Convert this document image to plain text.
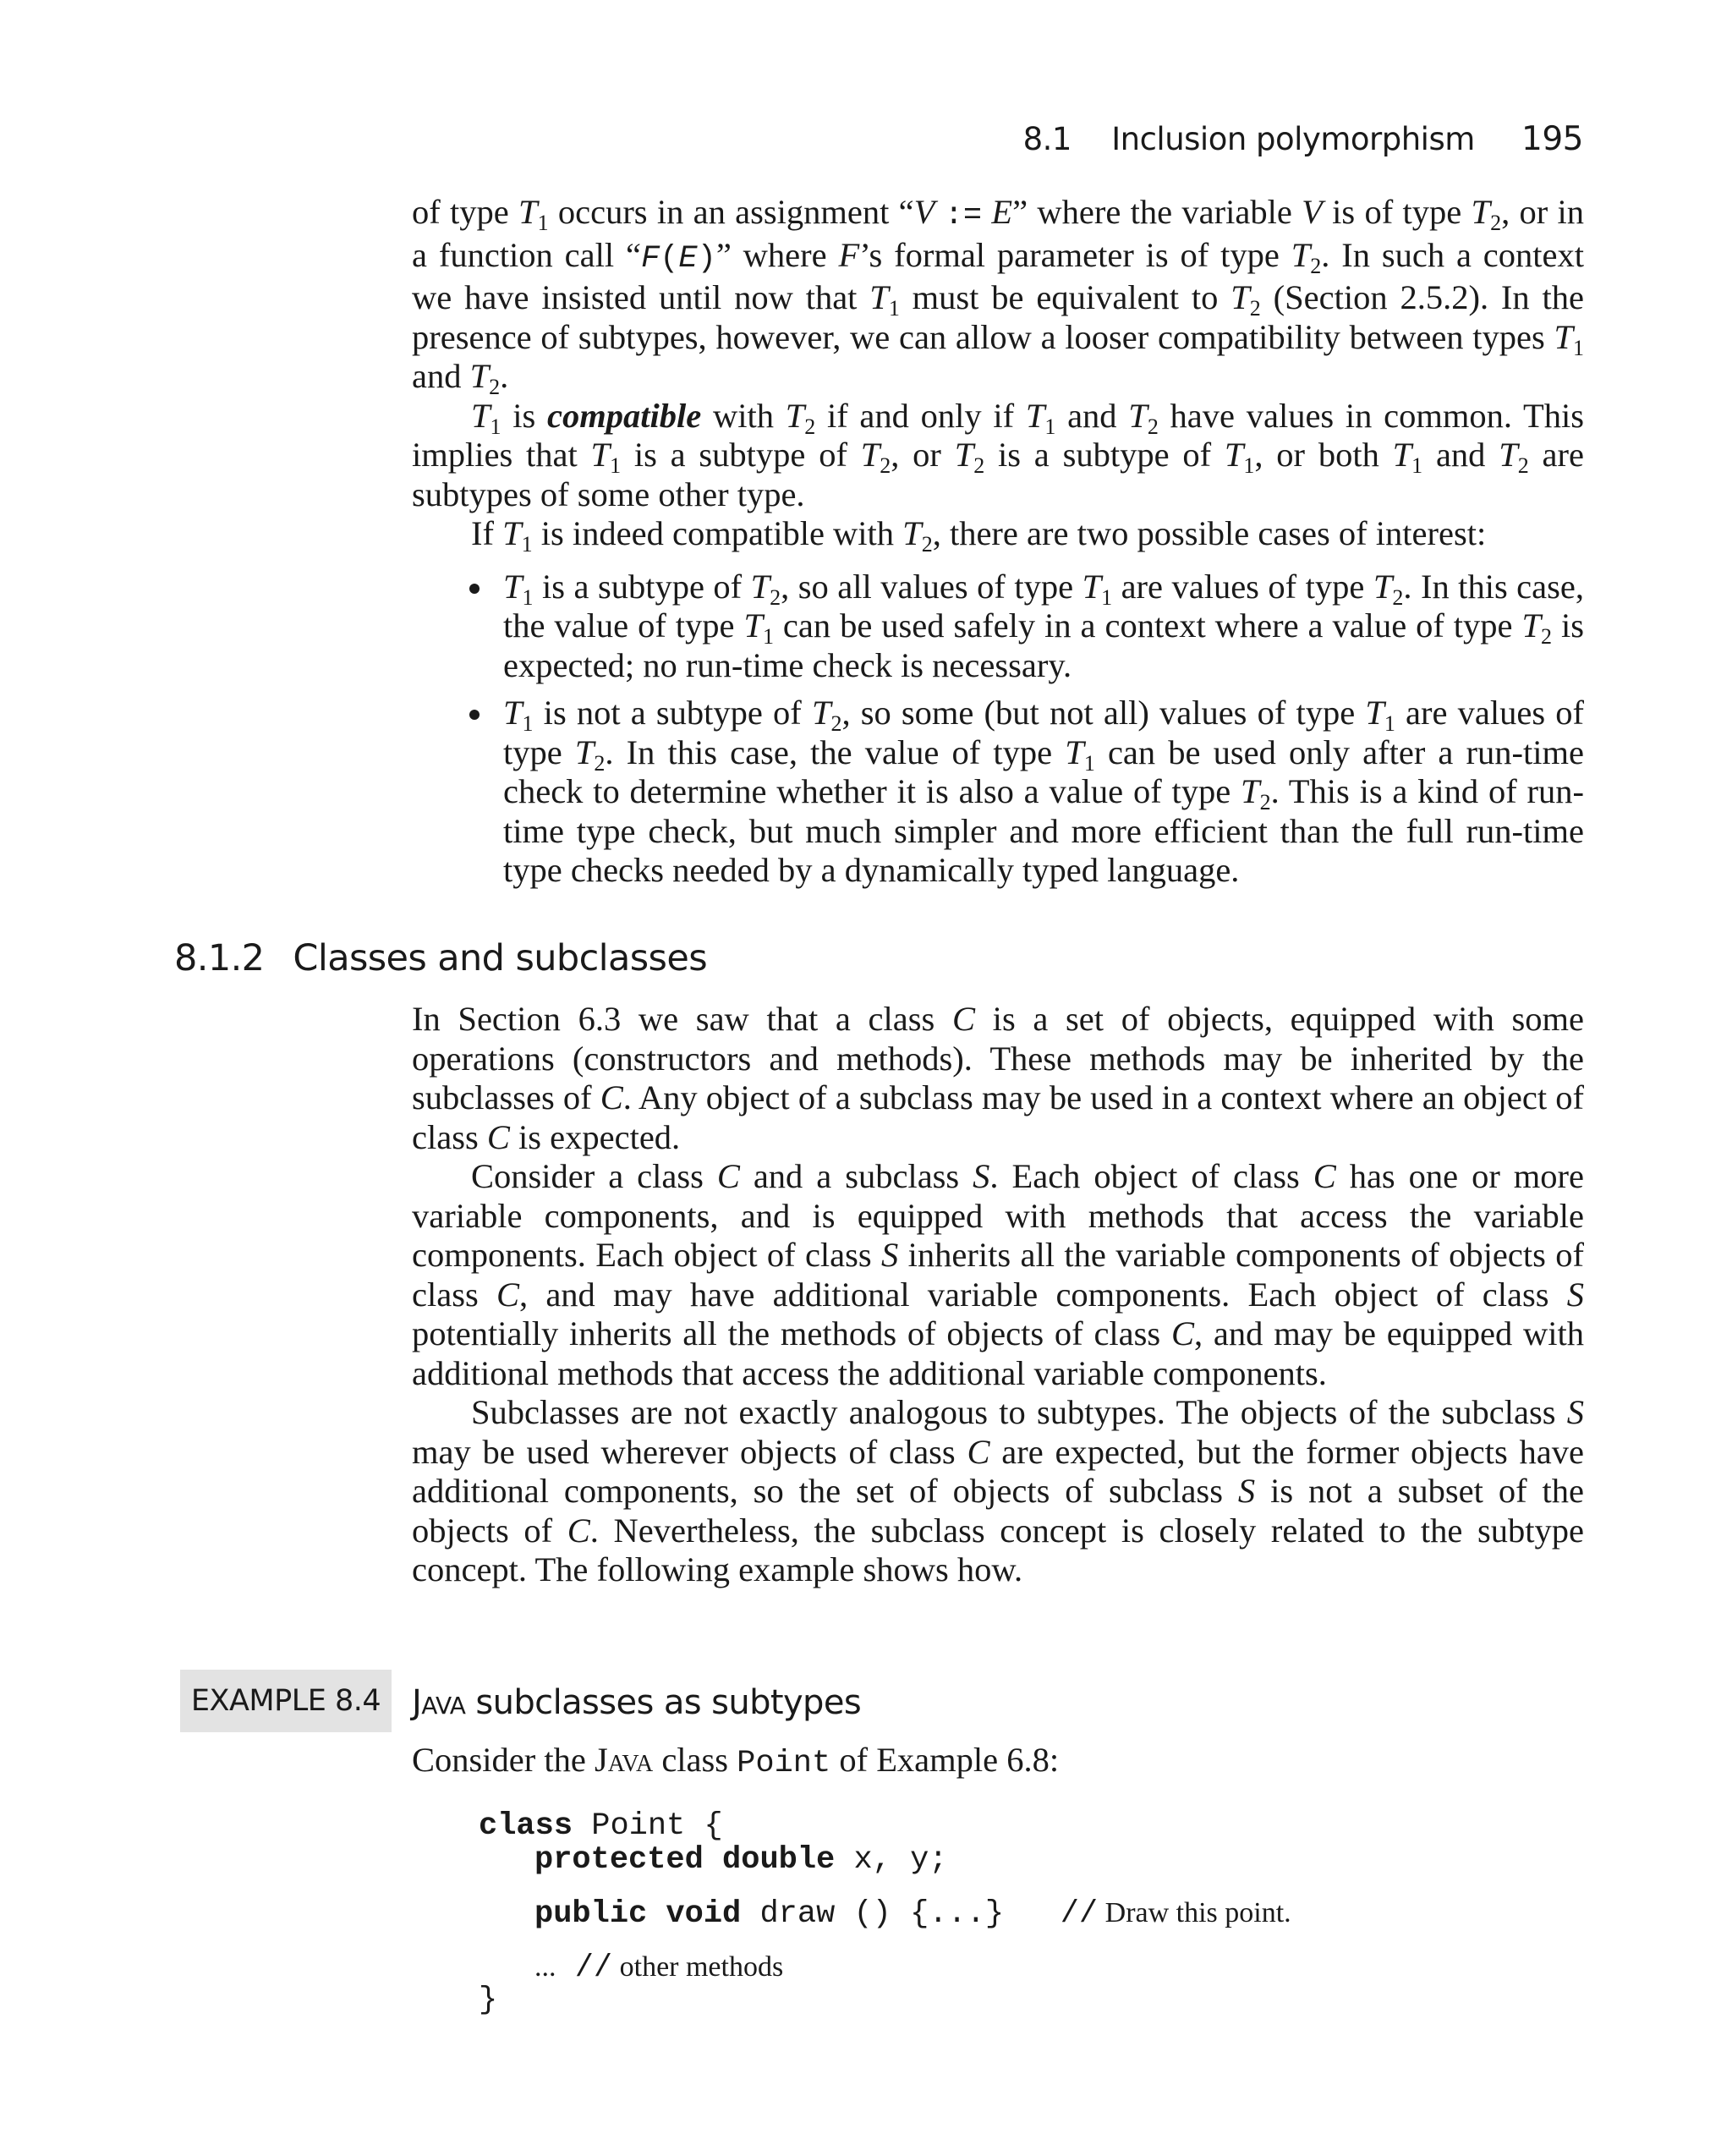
8.1 Inclusion polymorphism 195

of type $T_1$ occurs in an assignment “V := E” where the variable V is of type $T_2$, or in a function call “F(E)” where F’s formal parameter is of type $T_2$. In such a context we have insisted until now that $T_1$ must be equivalent to $T_2$ (Section 2.5.2). In the presence of subtypes, however, we can allow a looser compatibility between types $T_1$ and $T_2$.

$T_1$ is compatible with $T_2$ if and only if $T_1$ and $T_2$ have values in common. This implies that $T_1$ is a subtype of $T_2$, or $T_2$ is a subtype of $T_1$, or both $T_1$ and $T_2$ are subtypes of some other type.

If $T_1$ is indeed compatible with $T_2$, there are two possible cases of interest:

$T_1$ is a subtype of $T_2$, so all values of type $T_1$ are values of type $T_2$. In this case, the value of type $T_1$ can be used safely in a context where a value of type $T_2$ is expected; no run-time check is necessary.

$T_1$ is not a subtype of $T_2$, so some (but not all) values of type $T_1$ are values of type $T_2$. In this case, the value of type $T_1$ can be used only after a run-time check to determine whether it is also a value of type $T_2$. This is a kind of run-time type check, but much simpler and more efficient than the full run-time type checks needed by a dynamically typed language.

8.1.2 Classes and subclasses

In Section 6.3 we saw that a class C is a set of objects, equipped with some operations (constructors and methods). These methods may be inherited by the subclasses of C. Any object of a subclass may be used in a context where an object of class C is expected.

Consider a class C and a subclass S. Each object of class C has one or more variable components, and is equipped with methods that access the variable components. Each object of class S inherits all the variable components of objects of class C, and may have additional variable components. Each object of class S potentially inherits all the methods of objects of class C, and may be equipped with additional methods that access the additional variable components.

Subclasses are not exactly analogous to subtypes. The objects of the subclass S may be used wherever objects of class C are expected, but the former objects have additional components, so the set of objects of subclass S is not a subset of the objects of C. Nevertheless, the subclass concept is closely related to the subtype concept. The following example shows how.

EXAMPLE 8.4 Java subclasses as subtypes

Consider the Java class Point of Example 6.8:

class Point {
protected double x, y;
public void draw () {...}   // Draw this point.
... // other methods
}
